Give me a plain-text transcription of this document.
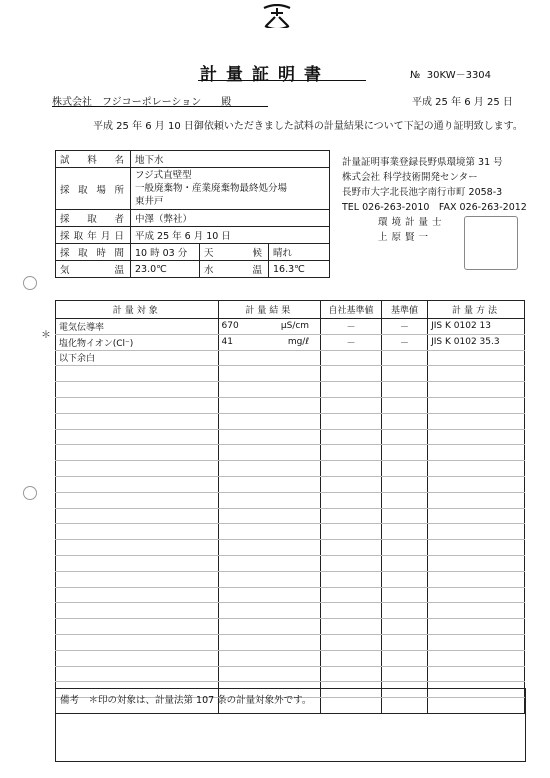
計量証明書	№ 30KW－3304
株式会社　フジコーポレーション　　殿	平成 25 年 6 月 25 日
平成 25 年 6 月 10 日御依頼いただきました試料の計量結果について下記の通り証明致します。
試　料　名	地下水		
採取場所	フジ式直壁型
一般廃棄物・産業廃棄物最終処分場
東井戸		

採取者	中澤（弊社）		
採取年月日	平成 25 年 6 月 10 日		
採取時間	10 時 03 分	天　候	晴れ
気　温	23.0℃	水　温	16.3℃
計量証明事業登録長野県環境第 31 号
株式会社 科学技術開発センター
長野市大字北長池字南行市町 2058-3
TEL 026-263-2010　FAX 026-263-2012
環境計量士
上原賢一
＊
計量対象	計量結果	自社基準値	基準値	計量方法
電気伝導率	670 μS/cm	－	－	JIS K 0102 13
塩化物イオン(Cl⁻)	41 mg/ℓ	－	－	JIS K 0102 35.3
以下余白				

備考　＊印の対象は、計量法第 107 条の計量対象外です。
